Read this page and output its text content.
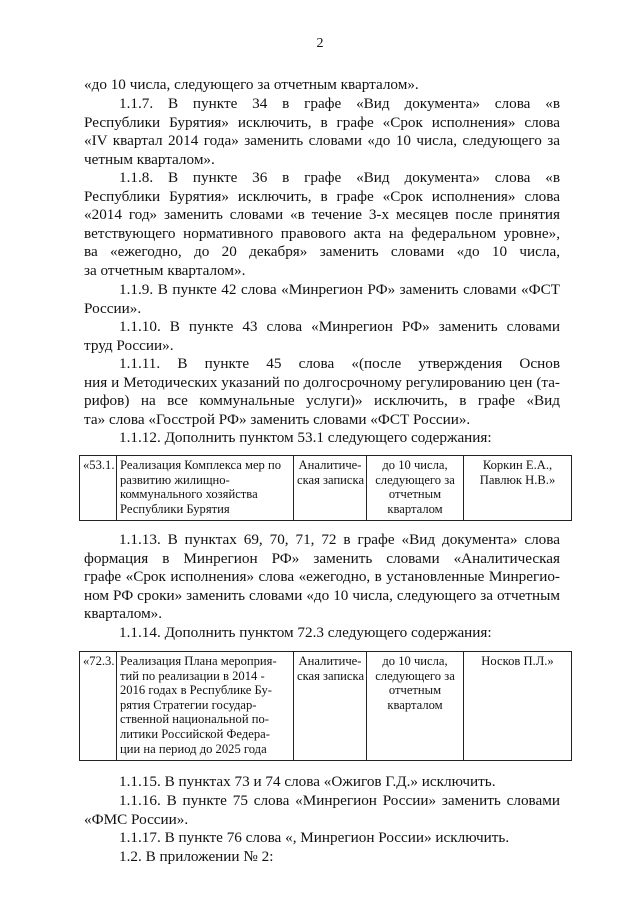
2
«до 10 числа, следующего за отчетным кварталом».
1.1.7. В пункте 34 в графе «Вид документа» слова «в
Республики Бурятия» исключить, в графе «Срок исполнения» слова
«IV квартал 2014 года» заменить словами «до 10 числа, следующего за
четным кварталом».
1.1.8. В пункте 36 в графе «Вид документа» слова «в
Республики Бурятия» исключить, в графе «Срок исполнения» слова
«2014 год» заменить словами «в течение 3-х месяцев после принятия
ветствующего нормативного правового акта на федеральном уровне»,
ва «ежегодно, до 20 декабря» заменить словами «до 10 числа,
за отчетным кварталом».
1.1.9. В пункте 42 слова «Минрегион РФ» заменить словами «ФСТ
России».
1.1.10. В пункте 43 слова «Минрегион РФ» заменить словами
труд России».
1.1.11. В пункте 45 слова «(после утверждения Основ
ния и Методических указаний по долгосрочному регулированию цен (та-
рифов) на все коммунальные услуги)» исключить, в графе «Вид
та» слова «Госстрой РФ» заменить словами «ФСТ России».
1.1.12. Дополнить пунктом 53.1 следующего содержания:
«53.1.	Реализация Комплекса мер по
развитию жилищно-
коммунального хозяйства
Республики Бурятия

Аналитиче-
ская записка

до 10 числа,
следующего за
отчетным
кварталом

Коркин Е.А.,
Павлюк Н.В.»
1.1.13. В пунктах 69, 70, 71, 72 в графе «Вид документа» слова
формация в Минрегион РФ» заменить словами «Аналитическая
графе «Срок исполнения» слова «ежегодно, в установленные Минрегио-
ном РФ сроки» заменить словами «до 10 числа, следующего за отчетным
кварталом».
1.1.14. Дополнить пунктом 72.3 следующего содержания:
«72.3.	Реализация Плана мероприя-
тий по реализации в 2014 -
2016 годах в Республике Бу-
рятия Стратегии государ-
ственной национальной по-
литики Российской Федера-
ции на период до 2025 года

Аналитиче-
ская записка

до 10 числа,
следующего за
отчетным
кварталом

Носков П.Л.»
1.1.15. В пунктах 73 и 74 слова «Ожигов Г.Д.» исключить.
1.1.16. В пункте 75 слова «Минрегион России» заменить словами
«ФМС России».
1.1.17. В пункте 76 слова «, Минрегион России» исключить.
1.2. В приложении № 2:
